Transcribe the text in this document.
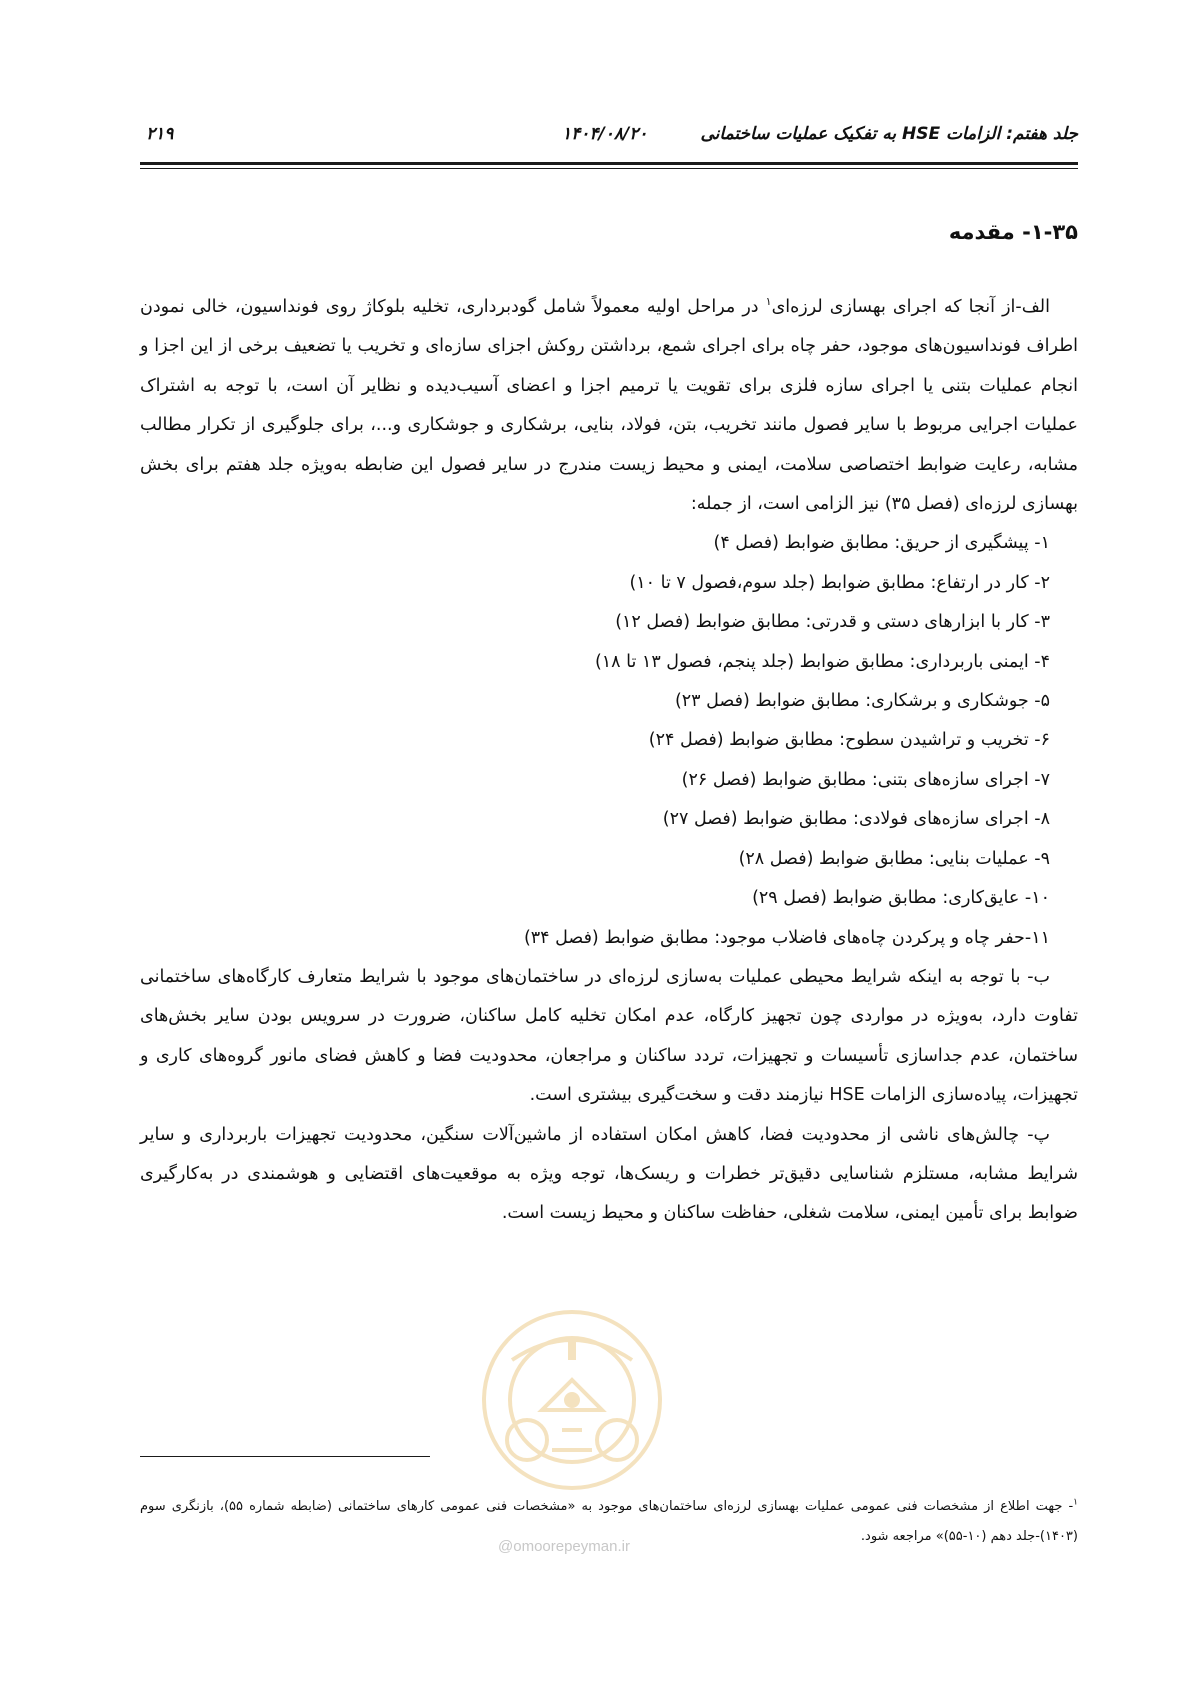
جلد هفتم: الزامات HSE به تفکیک عملیات ساختمانی
۱۴۰۴/۰۸/۲۰
۲۱۹
۱-۳۵- مقدمه

الف-از آنجا که اجرای بهسازی لرزه‌ای$^۱$ در مراحل اولیه معمولاً شامل گودبرداری، تخلیه بلوکاژ روی فونداسیون، خالی نمودن اطراف فونداسیون‌های موجود، حفر چاه برای اجرای شمع، برداشتن روکش اجزای سازه‌ای و تخریب یا تضعیف برخی از این اجزا و انجام عملیات بتنی یا اجرای سازه فلزی برای تقویت یا ترمیم اجزا و اعضای آسیب‌دیده و نظایر آن است، با توجه به اشتراک عملیات اجرایی مربوط با سایر فصول مانند تخریب، بتن، فولاد، بنایی، برشکاری و جوشکاری و...، برای جلوگیری از تکرار مطالب مشابه، رعایت ضوابط اختصاصی سلامت، ایمنی و محیط زیست مندرج در سایر فصول این ضابطه به‌ویژه جلد هفتم برای بخش بهسازی لرزه‌ای (فصل ۳۵) نیز الزامی است، از جمله:

۱- پیشگیری از حریق: مطابق ضوابط (فصل ۴)
۲- کار در ارتفاع: مطابق ضوابط (جلد سوم،فصول ۷ تا ۱۰)
۳- کار با ابزارهای دستی و قدرتی: مطابق ضوابط (فصل ۱۲)
۴- ایمنی باربرداری: مطابق ضوابط (جلد پنجم، فصول ۱۳ تا ۱۸)
۵- جوشکاری و برشکاری: مطابق ضوابط (فصل ۲۳)
۶- تخریب و تراشیدن سطوح: مطابق ضوابط (فصل ۲۴)
۷- اجرای سازه‌های بتنی: مطابق ضوابط (فصل ۲۶)
۸- اجرای سازه‌های فولادی: مطابق ضوابط (فصل ۲۷)
۹- عملیات بنایی: مطابق ضوابط (فصل ۲۸)
۱۰- عایق‌کاری: مطابق ضوابط (فصل ۲۹)
۱۱-حفر چاه و پرکردن چاه‌های فاضلاب موجود: مطابق ضوابط (فصل ۳۴)

ب- با توجه به اینکه شرایط محیطی عملیات به‌سازی لرزه‌ای در ساختمان‌های موجود با شرایط متعارف کارگاه‌های ساختمانی تفاوت دارد، به‌ویژه در مواردی چون تجهیز کارگاه، عدم امکان تخلیه کامل ساکنان، ضرورت در سرویس بودن سایر بخش‌های ساختمان، عدم جداسازی تأسیسات و تجهیزات، تردد ساکنان و مراجعان، محدودیت فضا و کاهش فضای مانور گروه‌های کاری و تجهیزات، پیاده‌سازی الزامات HSE نیازمند دقت و سخت‌گیری بیشتری است.

پ- چالش‌های ناشی از محدودیت فضا، کاهش امکان استفاده از ماشین‌آلات سنگین، محدودیت تجهیزات باربرداری و سایر شرایط مشابه، مستلزم شناسایی دقیق‌تر خطرات و ریسک‌ها، توجه ویژه به موقعیت‌های اقتضایی و هوشمندی در به‌کارگیری ضوابط برای تأمین ایمنی، سلامت شغلی، حفاظت ساکنان و محیط زیست است.

@omoorepeyman.ir

$^۱$- جهت اطلاع از مشخصات فنی عمومی عملیات بهسازی لرزه‌ای ساختمان‌های موجود به «مشخصات فنی عمومی کارهای ساختمانی (ضابطه شماره ۵۵)، بازنگری سوم (۱۴۰۳)-جلد دهم (۱۰-۵۵)» مراجعه شود.
